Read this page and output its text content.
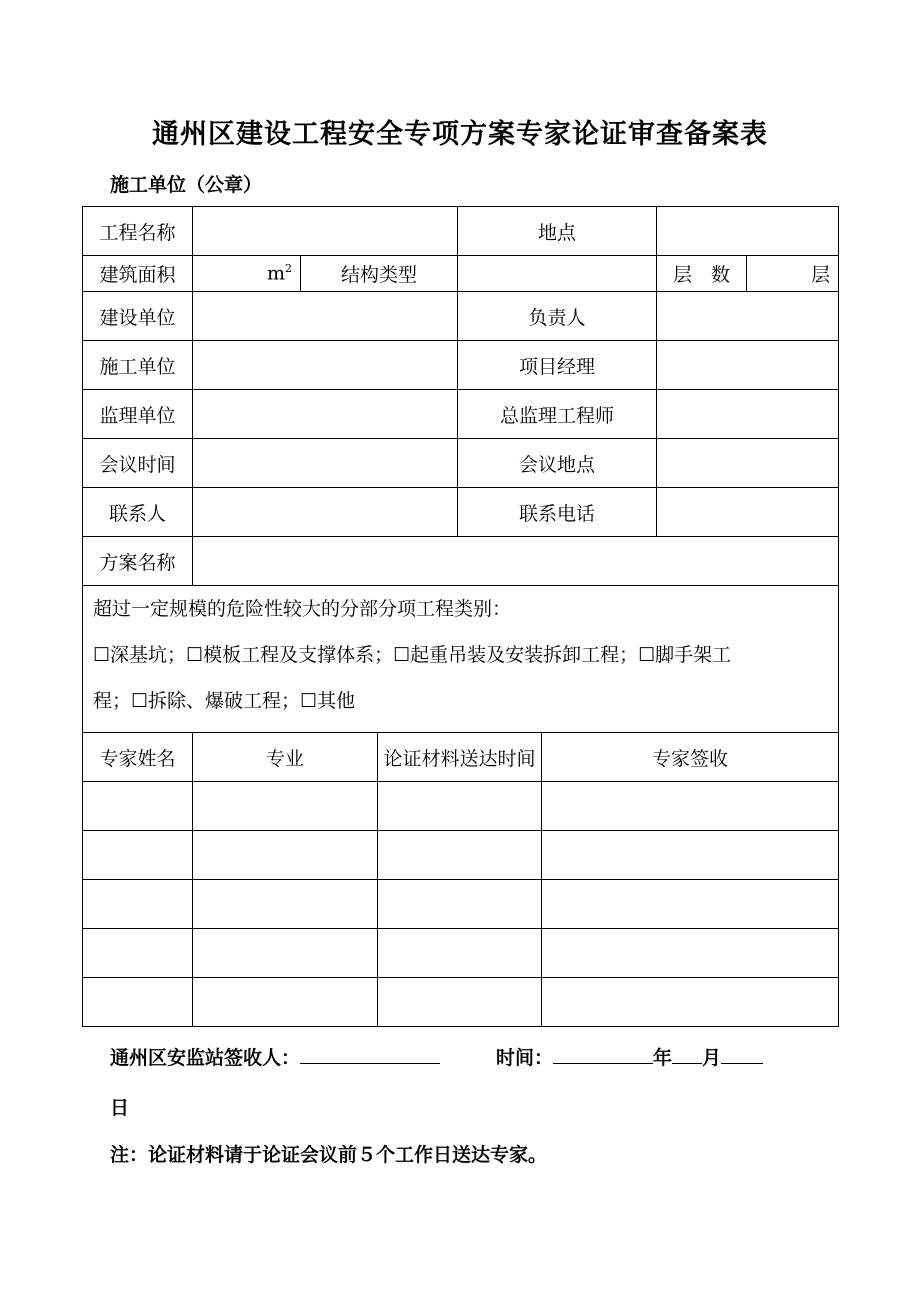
通州区建设工程安全专项方案专家论证审查备案表
施工单位（公章）
工程名称				地点			
建筑面积	$m^2$	结构类型				层　数	层
建设单位				负责人			
施工单位				项目经理			
监理单位				总监理工程师			
会议时间				会议地点			
联系人				联系电话			
方案名称							

超过一定规模的危险性较大的分部分项工程类别：
☐深基坑；☐模板工程及支撑体系；☐起重吊装及安装拆卸工程；☐脚手架工
程；☐拆除、爆破工程；☐其他							

专家姓名	专业		论证材料送达时间		专家签收		

通州区安监站签收人：	时间：	年 月
日
注：论证材料请于论证会议前５个工作日送达专家。
